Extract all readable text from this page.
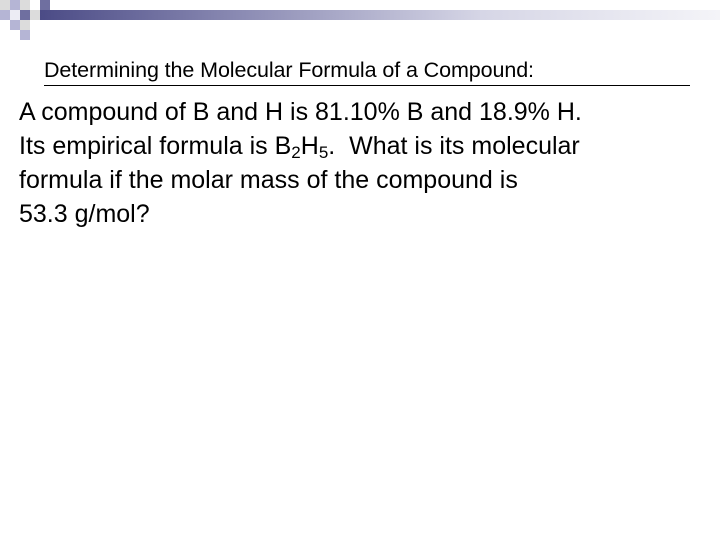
Determining the Molecular Formula of a Compound:
A compound of B and H is 81.10% B and 18.9% H.
Its empirical formula is $B_2H_5$.  What is its molecular
formula if the molar mass of the compound is
53.3 g/mol?
